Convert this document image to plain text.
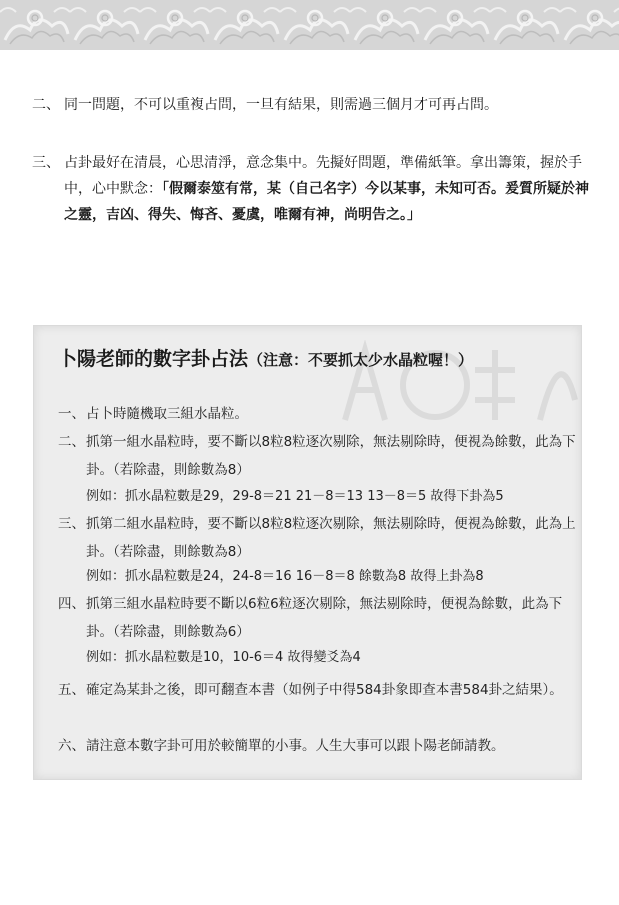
二、 同一問題，不可以重複占問，一旦有結果，則需過三個月才可再占問。
三、 占卦最好在清晨，心思清淨，意念集中。先擬好問題，準備紙筆。拿出籌策，握於手中，心中默念：「假爾泰筮有常，某（自己名字）今以某事，未知可否。爰質所疑於神之靈，吉凶、得失、悔吝、憂虞，唯爾有神，尚明告之。」
卜陽老師的數字卦占法（注意：不要抓太少水晶粒喔！）
一、 占卜時隨機取三組水晶粒。
二、 抓第一組水晶粒時，要不斷以8粒8粒逐次剔除，無法剔除時，便視為餘數，此為下卦。（若除盡，則餘數為8）
例如：抓水晶粒數是29，29-8＝21 21－8＝13 13－8＝5 故得下卦為5
三、 抓第二組水晶粒時，要不斷以8粒8粒逐次剔除，無法剔除時，便視為餘數，此為上卦。（若除盡，則餘數為8）
例如：抓水晶粒數是24，24-8＝16 16－8＝8 餘數為8 故得上卦為8
四、 抓第三組水晶粒時要不斷以6粒6粒逐次剔除，無法剔除時，便視為餘數，此為下卦。（若除盡，則餘數為6）
例如：抓水晶粒數是10，10-6＝4 故得變爻為4
五、 確定為某卦之後，即可翻查本書（如例子中得584卦象即查本書584卦之結果）。
六、 請注意本數字卦可用於較簡單的小事。人生大事可以跟卜陽老師請教。
